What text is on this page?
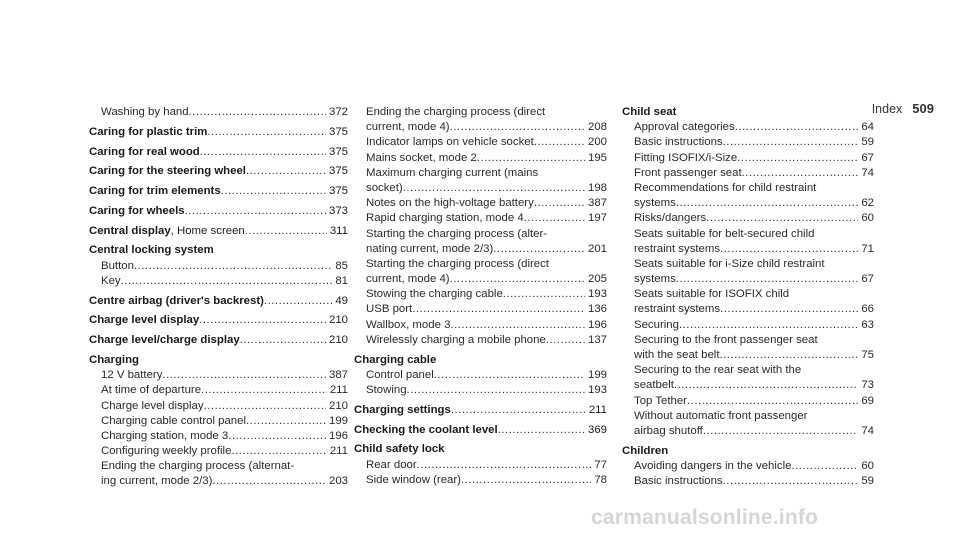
Index 509
Washing by hand .....	372
Caring for plastic trim .....	375
Caring for real wood .....	375
Caring for the steering wheel .....	375
Caring for trim elements .....	375
Caring for wheels .....	373
Central display, Home screen .....	311
Central locking system
Button .....	85
Key .....	81
Centre airbag (driver's backrest) .....	49
Charge level display .....	210
Charge level/charge display .....	210
Charging
12 V battery .....	387
At time of departure .....	211
Charge level display .....	210
Charging cable control panel .....	199
Charging station, mode 3 .....	196
Configuring weekly profile .....	211
Ending the charging process (alternat-
ing current, mode 2/3) .....	203
Ending the charging process (direct
current, mode 4) .....	208
Indicator lamps on vehicle socket .....	200
Mains socket, mode 2 .....	195
Maximum charging current (mains
socket) .....	198
Notes on the high-voltage battery .....	387
Rapid charging station, mode 4 .....	197
Starting the charging process (alter-
nating current, mode 2/3) .....	201
Starting the charging process (direct
current, mode 4) .....	205
Stowing the charging cable .....	193
USB port .....	136
Wallbox, mode 3 .....	196
Wirelessly charging a mobile phone .....	137
Charging cable
Control panel .....	199
Stowing .....	193
Charging settings .....	211
Checking the coolant level .....	369
Child safety lock
Rear door .....	77
Side window (rear) .....	78
Child seat
Approval categories .....	64
Basic instructions .....	59
Fitting ISOFIX/i-Size .....	67
Front passenger seat .....	74
Recommendations for child restraint
systems .....	62
Risks/dangers .....	60
Seats suitable for belt-secured child
restraint systems .....	71
Seats suitable for i-Size child restraint
systems .....	67
Seats suitable for ISOFIX child
restraint systems .....	66
Securing .....	63
Securing to the front passenger seat
with the seat belt .....	75
Securing to the rear seat with the
seatbelt .....	73
Top Tether .....	69
Without automatic front passenger
airbag shutoff .....	74
Children
Avoiding dangers in the vehicle .....	60
Basic instructions .....	59
carmanualsonline.info
